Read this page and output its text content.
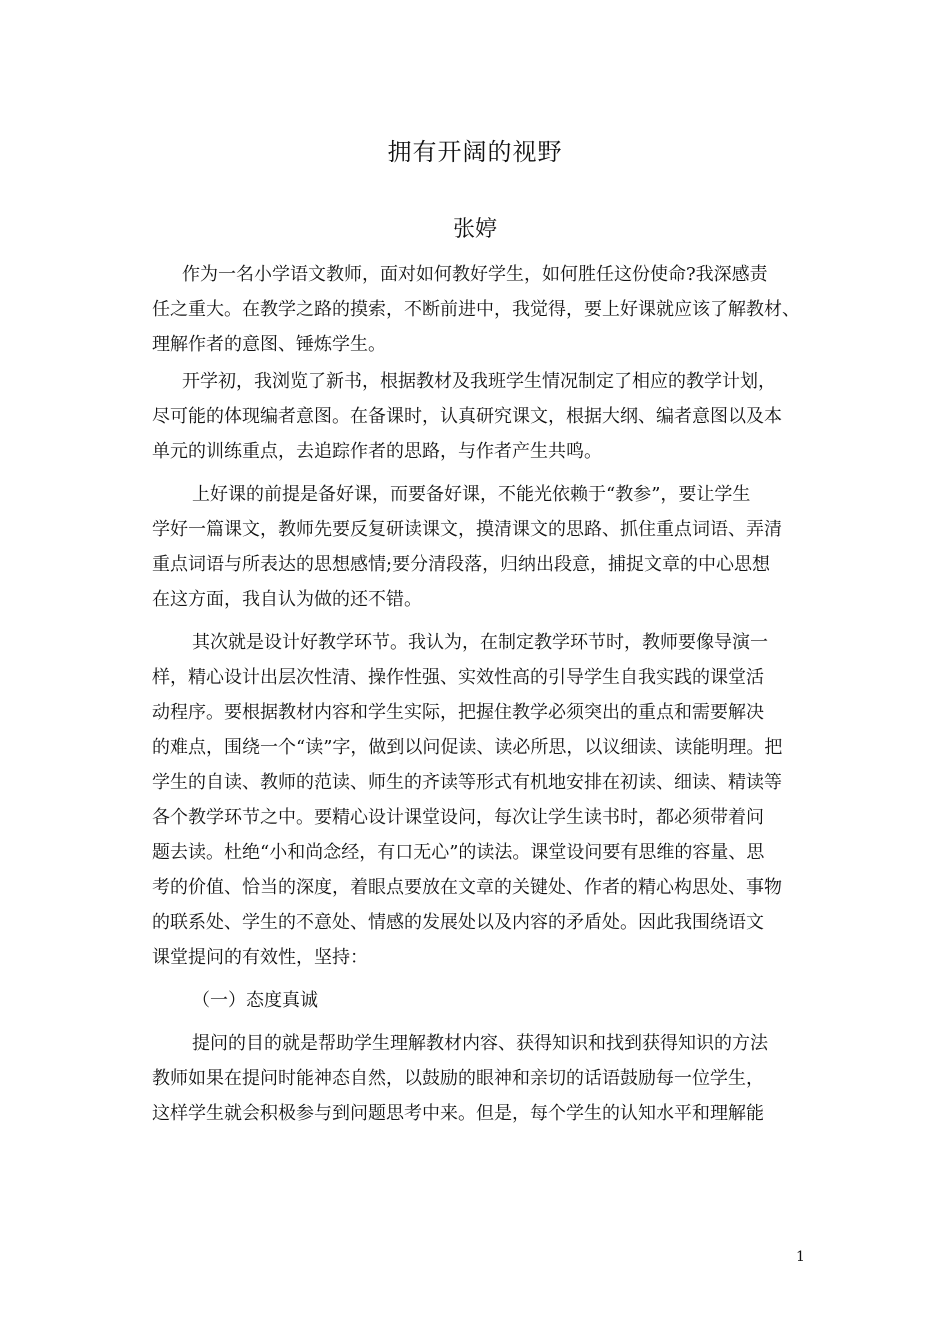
拥有开阔的视野
张婷
作为一名小学语文教师，面对如何教好学生，如何胜任这份使命?我深感责
任之重大。在教学之路的摸索，不断前进中，我觉得，要上好课就应该了解教材、
理解作者的意图、锤炼学生。
开学初，我浏览了新书，根据教材及我班学生情况制定了相应的教学计划，
尽可能的体现编者意图。在备课时，认真研究课文，根据大纲、编者意图以及本
单元的训练重点，去追踪作者的思路，与作者产生共鸣。
上好课的前提是备好课，而要备好课，不能光依赖于“教参”，要让学生
学好一篇课文，教师先要反复研读课文，摸清课文的思路、抓住重点词语、弄清
重点词语与所表达的思想感情;要分清段落，归纳出段意，捕捉文章的中心思想
在这方面，我自认为做的还不错。
其次就是设计好教学环节。我认为，在制定教学环节时，教师要像导演一
样，精心设计出层次性清、操作性强、实效性高的引导学生自我实践的课堂活
动程序。要根据教材内容和学生实际，把握住教学必须突出的重点和需要解决
的难点，围绕一个“读”字，做到以问促读、读必所思，以议细读、读能明理。把
学生的自读、教师的范读、师生的齐读等形式有机地安排在初读、细读、精读等
各个教学环节之中。要精心设计课堂设问，每次让学生读书时，都必须带着问
题去读。杜绝“小和尚念经，有口无心”的读法。课堂设问要有思维的容量、思
考的价值、恰当的深度，着眼点要放在文章的关键处、作者的精心构思处、事物
的联系处、学生的不意处、情感的发展处以及内容的矛盾处。因此我围绕语文
课堂提问的有效性，坚持：
（一）态度真诚
提问的目的就是帮助学生理解教材内容、获得知识和找到获得知识的方法
教师如果在提问时能神态自然，以鼓励的眼神和亲切的话语鼓励每一位学生，
这样学生就会积极参与到问题思考中来。但是，每个学生的认知水平和理解能
1
